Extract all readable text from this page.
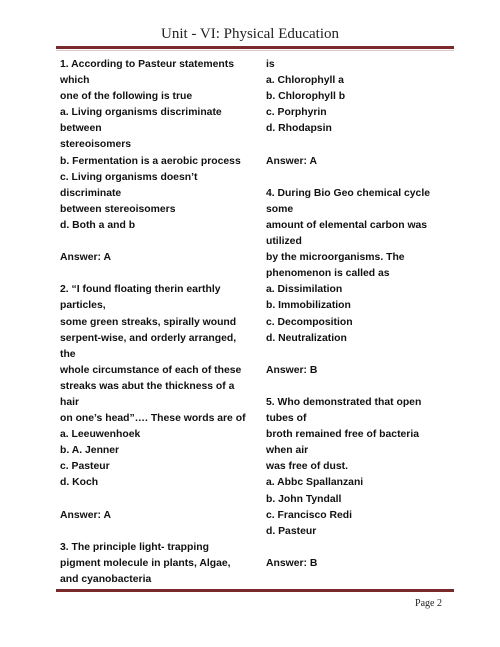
Unit - VI: Physical Education
1. According to Pasteur statements
which
one of the following is true
a. Living organisms discriminate
between
stereoisomers
b. Fermentation is a aerobic process
c. Living organisms doesn’t
discriminate
between stereoisomers
d. Both a and b
Answer: A
2. “I found floating therin earthly
particles,
some green streaks, spirally wound
serpent-wise, and orderly arranged,
the
whole circumstance of each of these
streaks was abut the thickness of a
hair
on one’s head”…. These words are of
a. Leeuwenhoek
b. A. Jenner
c. Pasteur
d. Koch
Answer: A
3. The principle light- trapping
pigment molecule in plants, Algae,
and cyanobacteria
is
a. Chlorophyll a
b. Chlorophyll b
c. Porphyrin
d. Rhodapsin
Answer: A
4. During Bio Geo chemical cycle
some
amount of elemental carbon was
utilized
by the microorganisms. The
phenomenon is called as
a. Dissimilation
b. Immobilization
c. Decomposition
d. Neutralization
Answer: B
5. Who demonstrated that open
tubes of
broth remained free of bacteria
when air
was free of dust.
a. Abbc Spallanzani
b. John Tyndall
c. Francisco Redi
d. Pasteur
Answer: B
Page 2
